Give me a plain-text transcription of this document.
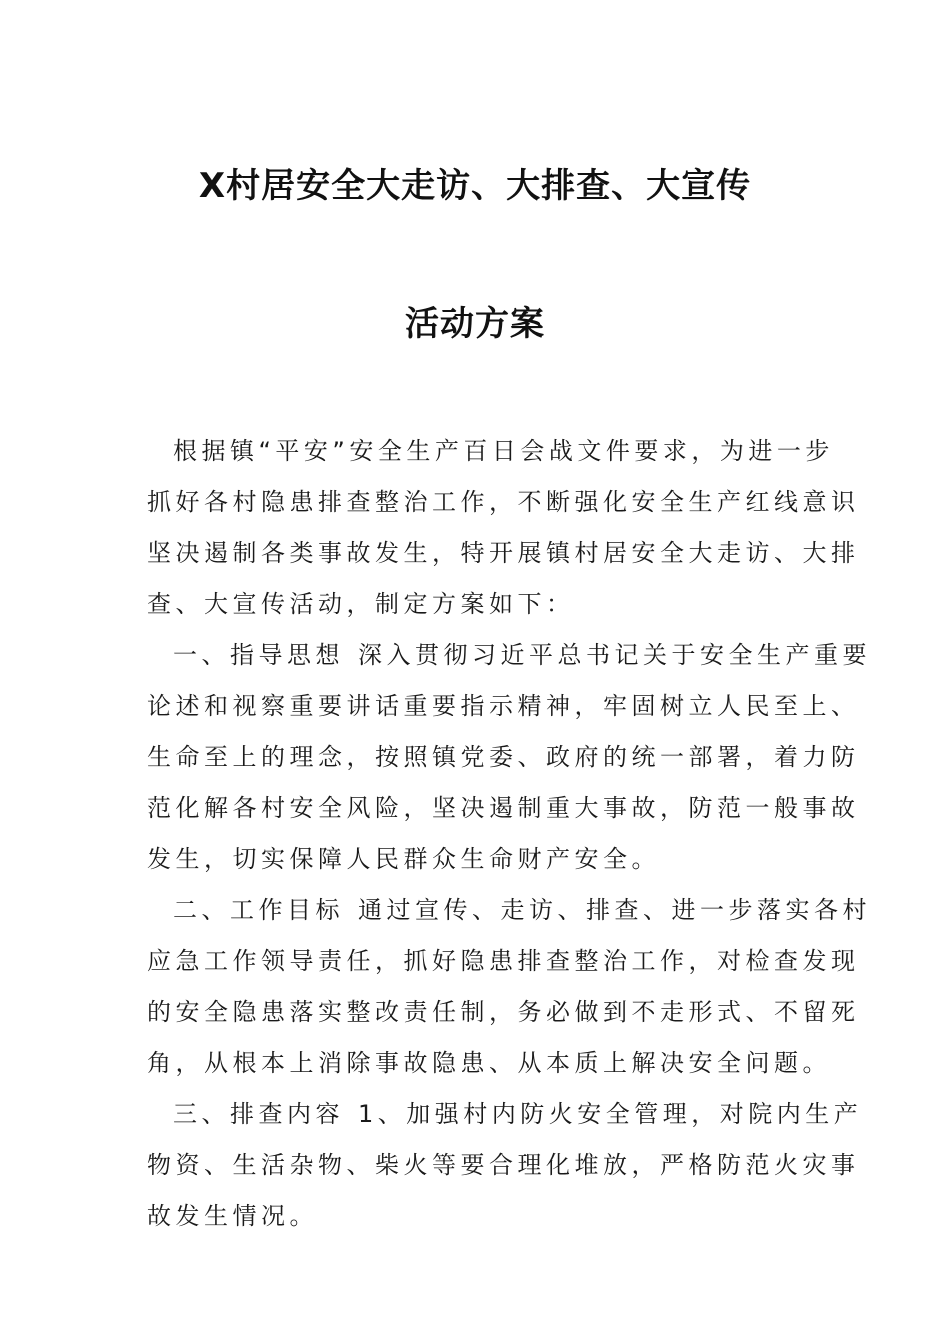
X村居安全大走访、大排查、大宣传
活动方案

根据镇“平安”安全生产百日会战文件要求，为进一步
抓好各村隐患排查整治工作，不断强化安全生产红线意识
坚决遏制各类事故发生，特开展镇村居安全大走访、大排
查、大宣传活动，制定方案如下：

一、指导思想 深入贯彻习近平总书记关于安全生产重要
论述和视察重要讲话重要指示精神，牢固树立人民至上、
生命至上的理念，按照镇党委、政府的统一部署，着力防
范化解各村安全风险，坚决遏制重大事故，防范一般事故
发生，切实保障人民群众生命财产安全。

二、工作目标 通过宣传、走访、排查、进一步落实各村
应急工作领导责任，抓好隐患排查整治工作，对检查发现
的安全隐患落实整改责任制，务必做到不走形式、不留死
角，从根本上消除事故隐患、从本质上解决安全问题。

三、排查内容 1、加强村内防火安全管理，对院内生产
物资、生活杂物、柴火等要合理化堆放，严格防范火灾事
故发生情况。
